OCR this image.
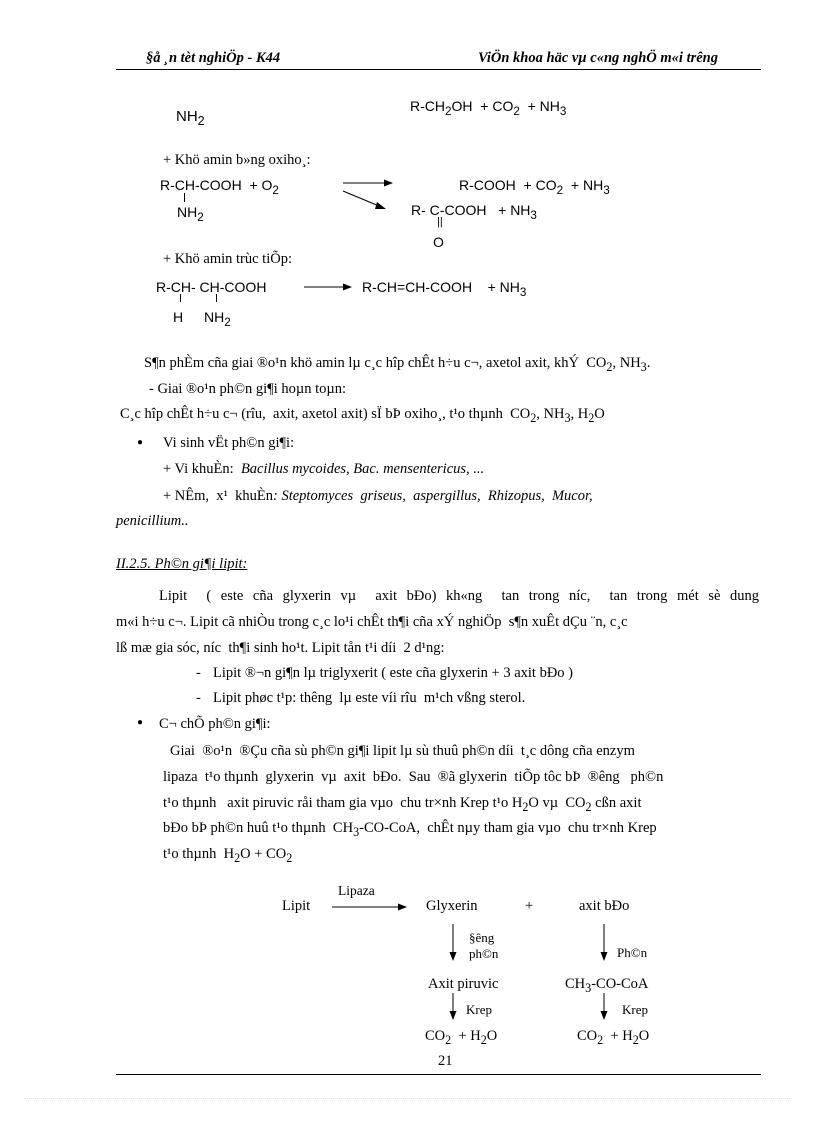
§å ¸n tèt nghiÖp - K44	ViÖn khoa häc vµ c«ng nghÖ m«i trêng
$NH_2$
$R-CH_2OH + CO_2 + NH_3$
+ Khö amin b»ng oxiho¸:
R-CH-COOH  + $O_2$
$NH_2$
R-COOH  + $CO_2 + NH_3$
R- C-COOH   + $NH_3$
||
O
+ Khö amin trùc tiÕp:
R-CH- CH-COOH	R-CH=CH-COOH    + $NH_3$
H $NH_2$
S¶n phÈm cña giai ®o¹n khö amin lµ c¸c hîp chÊt h÷u c¬, axetol axit, khÝ  $CO_2$, $NH_3$.
- Giai ®o¹n ph©n gi¶i hoµn toµn:
C¸c hîp chÊt h÷u c¬ (rîu,  axit, axetol axit) sÏ bÞ oxiho¸, t¹o thµnh  $CO_2$, $NH_3$, $H_2O$
● Vi sinh vËt ph©n gi¶i:
+ Vi khuÈn: Bacillus mycoides, Bac. mensentericus, ...
+ NÊm,  x¹  khuÈn: Steptomyces  griseus,  aspergillus,  Rhizopus,  Mucor,
penicillium..
II.2.5. Ph©n gi¶i lipit:
Lipit  ( este cña glyxerin vµ  axit bÐo) kh«ng  tan trong níc,  tan trong mét sè dung
m«i h÷u c¬. Lipit cã nhiÒu trong c¸c lo¹i chÊt th¶i cña xÝ nghiÖp  s¶n xuÊt dÇu ¨n, c¸c
lß mæ gia sóc, níc  th¶i sinh ho¹t. Lipit tån t¹i díi  2 d¹ng:
- Lipit ®¬n gi¶n lµ triglyxerit ( este cña glyxerin + 3 axit bÐo )
- Lipit phøc t¹p: thêng  lµ este víi rîu  m¹ch vßng sterol.
● C¬ chÕ ph©n gi¶i:
Giai  ®o¹n  ®Çu cña sù ph©n gi¶i lipit lµ sù thuû ph©n díi  t¸c dông cña enzym
lipaza  t¹o thµnh  glyxerin  vµ  axit  bÐo.  Sau  ®ã glyxerin  tiÕp tôc bÞ  ®êng   ph©n
t¹o thµnh   axit piruvic råi tham gia vµo  chu tr×nh Krep t¹o $H_2O$ vµ  $CO_2$ cßn axit
bÐo bÞ ph©n huû t¹o thµnh  $CH_3-CO$-CoA,  chÊt nµy tham gia vµo  chu tr×nh Krep
t¹o thµnh  $H_2O + CO_2$
Lipaza
Lipit	Glyxerin	+	axit bÐo
§êng
ph©n	Ph©n
Axit piruvic	$CH_3-CO$-CoA
Krep	Krep
$CO_2 + H_2O$	$CO_2 + H_2O$
21
